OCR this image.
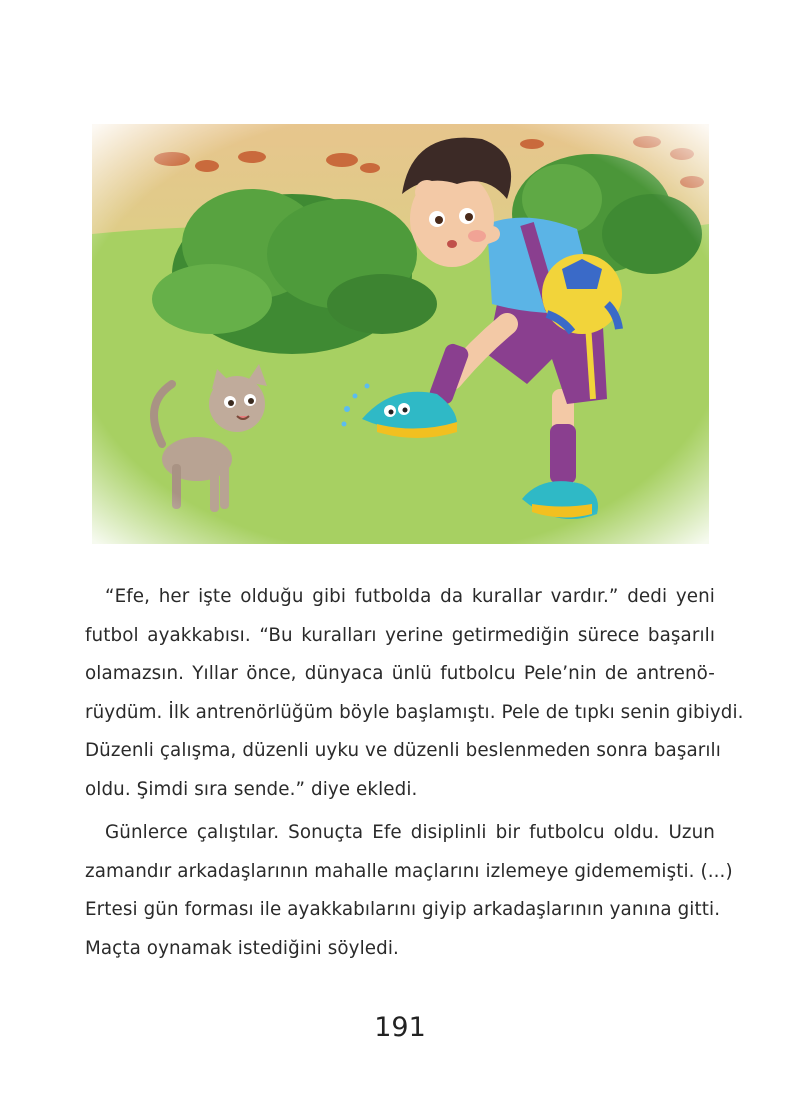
“Efe, her işte olduğu gibi futbolda da kurallar vardır.” dedi yeni
futbol ayakkabısı. “Bu kuralları yerine getirmediğin sürece başarılı
olamazsın. Yıllar önce, dünyaca ünlü futbolcu Pele’nin de antrenö-
rüydüm. İlk antrenörlüğüm böyle başlamıştı. Pele de tıpkı senin gibiydi.
Düzenli çalışma, düzenli uyku ve düzenli beslenmeden sonra başarılı
oldu. Şimdi sıra sende.” diye ekledi.
Günlerce çalıştılar. Sonuçta Efe disiplinli bir futbolcu oldu. Uzun
zamandır arkadaşlarının mahalle maçlarını izlemeye gidememişti. (...)
Ertesi gün forması ile ayakkabılarını giyip arkadaşlarının yanına gitti.
Maçta oynamak istediğini söyledi.
191
